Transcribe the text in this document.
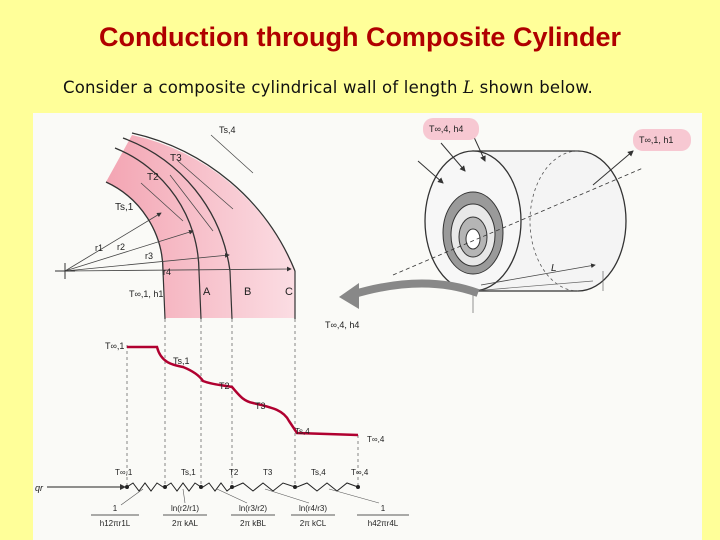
Conduction through Composite Cylinder
Consider a composite cylindrical wall of length L shown below.
Ts,4
T3
T2
Ts,1
r1 r2
r3
r4
T∞,1, h1	A	B	C
T∞,4, h4
L
T∞,4, h4
T∞,1, h1
T∞,1
Ts,1
T2
T3
Ts,4
T∞,4
qr
T∞,1	Ts,1	T2	T3	Ts,4	T∞,4
1
h12πr1L
ln(r2/r1)
2π kAL
ln(r3/r2)
2π kBL
ln(r4/r3)
2π kCL
1
h42πr4L
